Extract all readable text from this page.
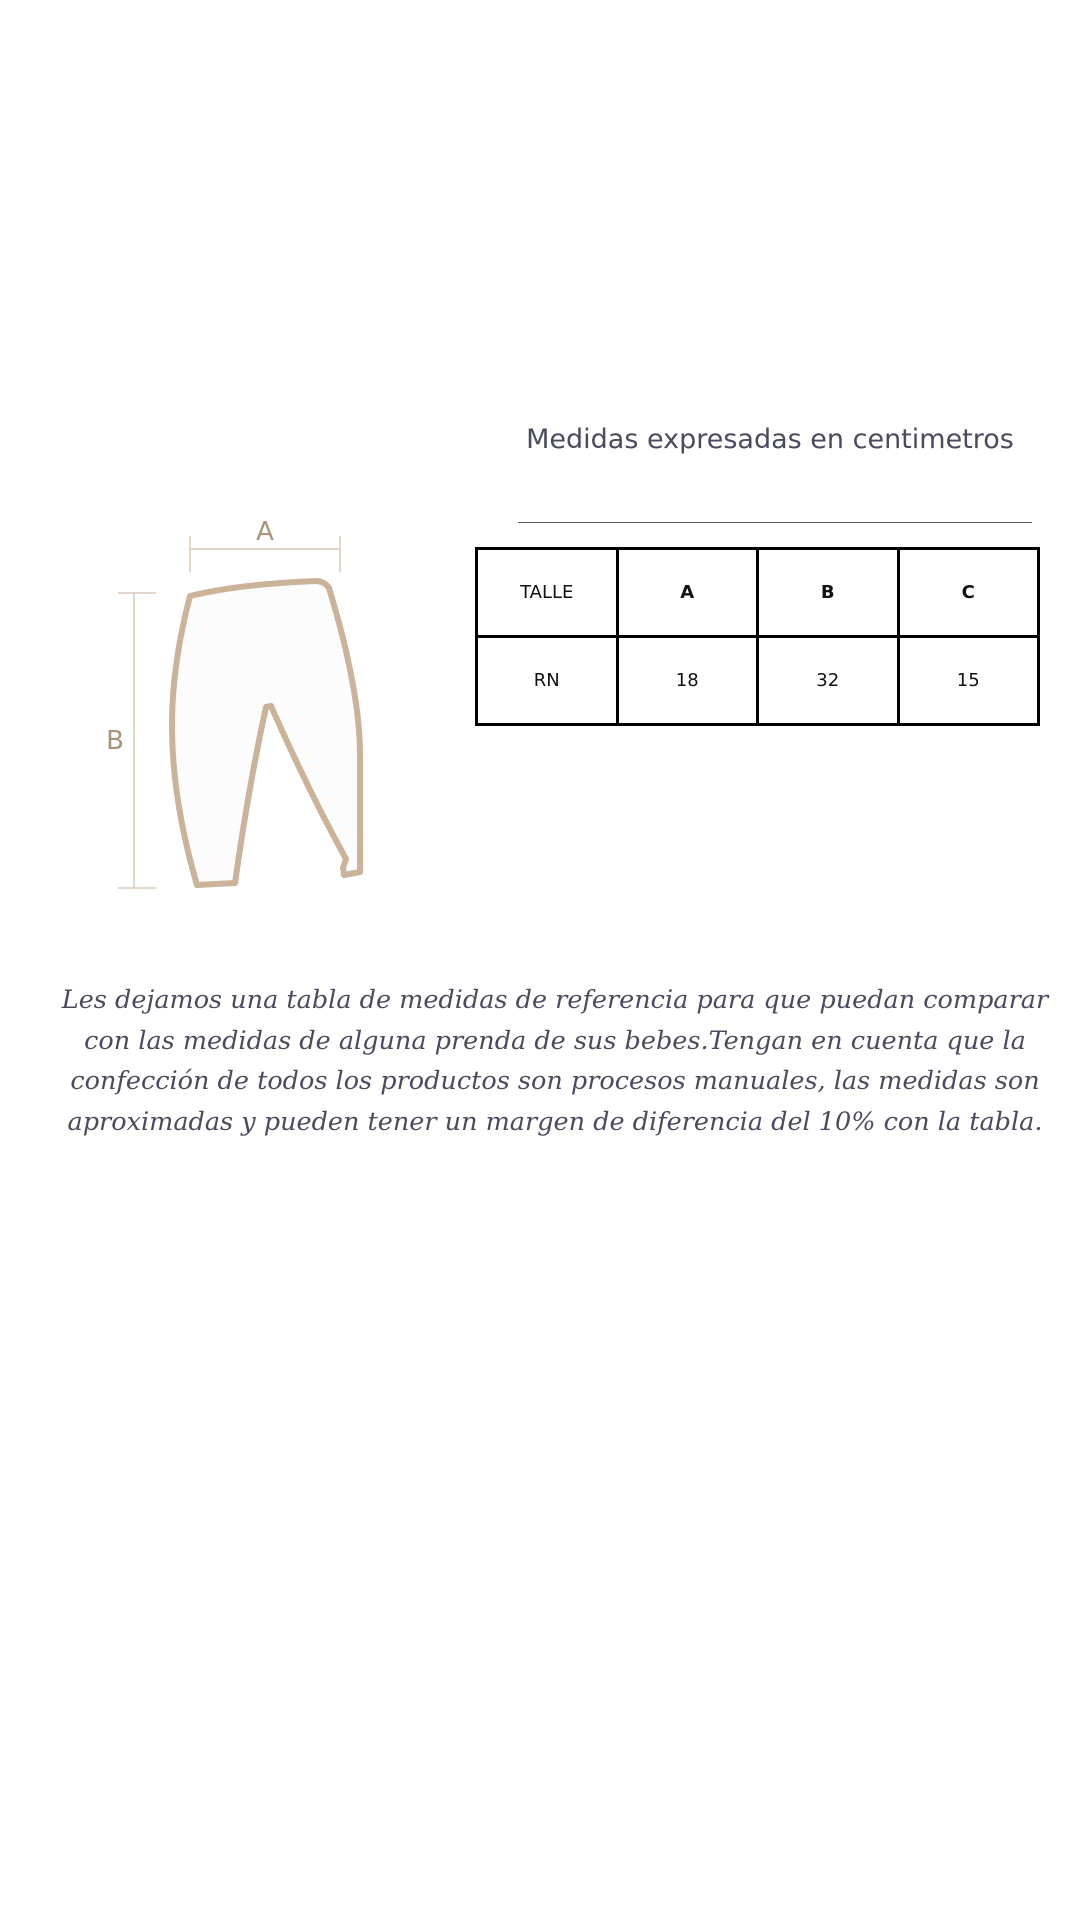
Medidas expresadas en centimetros
A
B
TALLE	A	B	C
RN	18	32	15
Les dejamos una tabla de medidas de referencia para que puedan comparar con las medidas de alguna prenda de sus bebes.Tengan en cuenta que la confección de todos los productos son procesos manuales, las medidas son aproximadas y pueden tener un margen de diferencia del 10% con la tabla.
